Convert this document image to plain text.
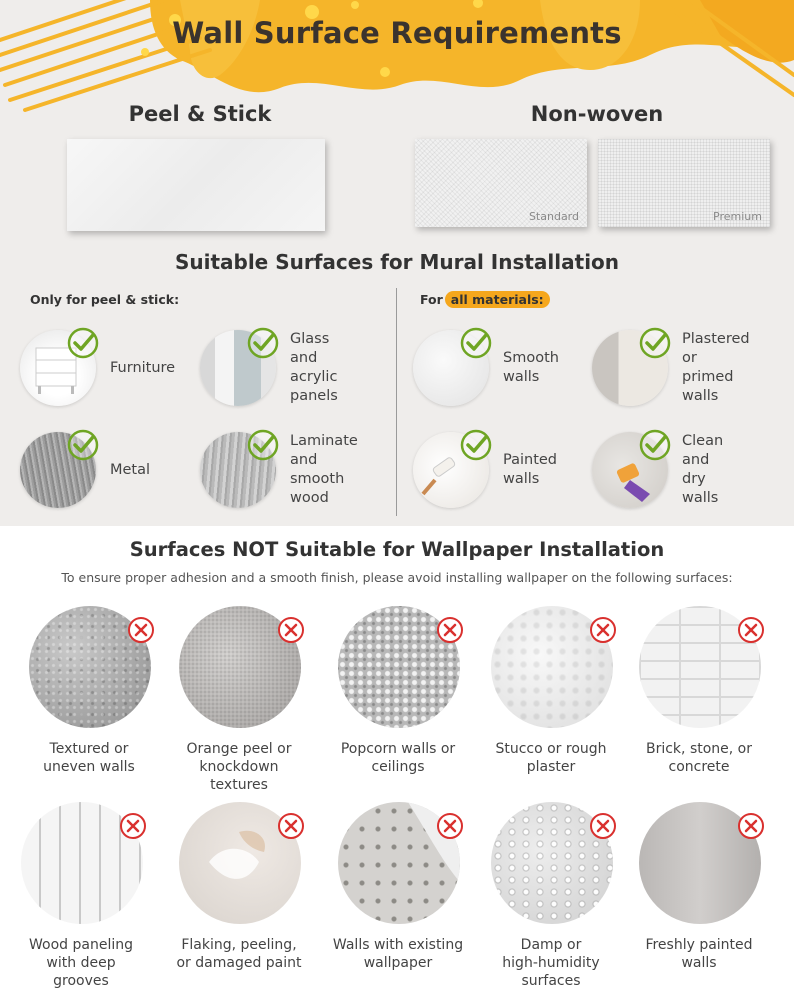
Wall Surface Requirements
Peel & Stick	Non-woven
Standard	Premium
Suitable Surfaces for Mural Installation
Only for peel & stick:	For all materials:
Furniture
Glass and
acrylic panels
Metal
Laminate and
smooth wood
Smooth
walls
Plastered or
primed walls
Painted
walls
Clean and
dry walls
Surfaces NOT Suitable for Wallpaper Installation
To ensure proper adhesion and a smooth finish, please avoid installing wallpaper on the following surfaces:
Textured or
uneven walls
Orange peel or
knockdown
textures
Popcorn walls or
ceilings
Stucco or rough
plaster
Brick, stone, or
concrete
Wood paneling
with deep
grooves
Flaking, peeling,
or damaged paint
Walls with existing
wallpaper
Damp or
high-humidity
surfaces
Freshly painted
walls
